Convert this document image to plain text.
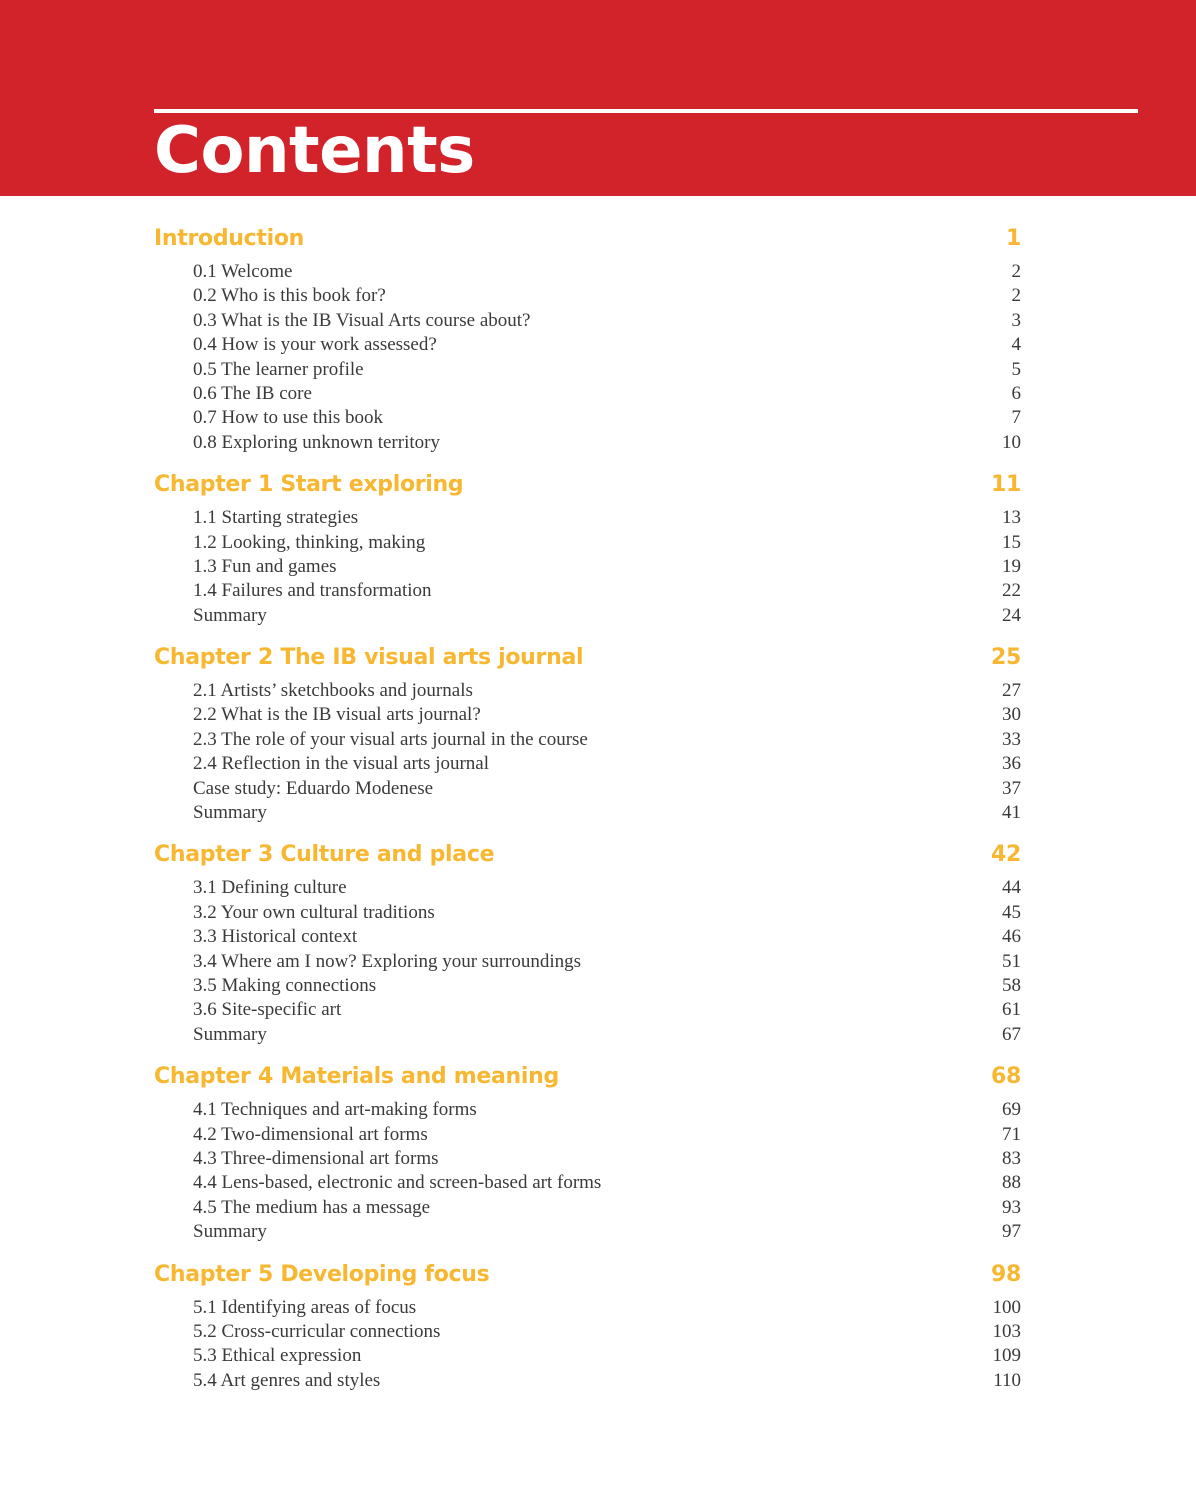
Contents
Introduction	1
0.1 Welcome	2
0.2 Who is this book for?	2
0.3 What is the IB Visual Arts course about?	3
0.4 How is your work assessed?	4
0.5 The learner profile	5
0.6 The IB core	6
0.7 How to use this book	7
0.8 Exploring unknown territory	10
Chapter 1 Start exploring	11
1.1 Starting strategies	13
1.2 Looking, thinking, making	15
1.3 Fun and games	19
1.4 Failures and transformation	22
Summary	24
Chapter 2 The IB visual arts journal	25
2.1 Artists’ sketchbooks and journals	27
2.2 What is the IB visual arts journal?	30
2.3 The role of your visual arts journal in the course	33
2.4 Reflection in the visual arts journal	36
Case study: Eduardo Modenese	37
Summary	41
Chapter 3 Culture and place	42
3.1 Defining culture	44
3.2 Your own cultural traditions	45
3.3 Historical context	46
3.4 Where am I now? Exploring your surroundings	51
3.5 Making connections	58
3.6 Site-specific art	61
Summary	67
Chapter 4 Materials and meaning	68
4.1 Techniques and art-making forms	69
4.2 Two-dimensional art forms	71
4.3 Three-dimensional art forms	83
4.4 Lens-based, electronic and screen-based art forms	88
4.5 The medium has a message	93
Summary	97
Chapter 5 Developing focus	98
5.1 Identifying areas of focus	100
5.2 Cross-curricular connections	103
5.3 Ethical expression	109
5.4 Art genres and styles	110
